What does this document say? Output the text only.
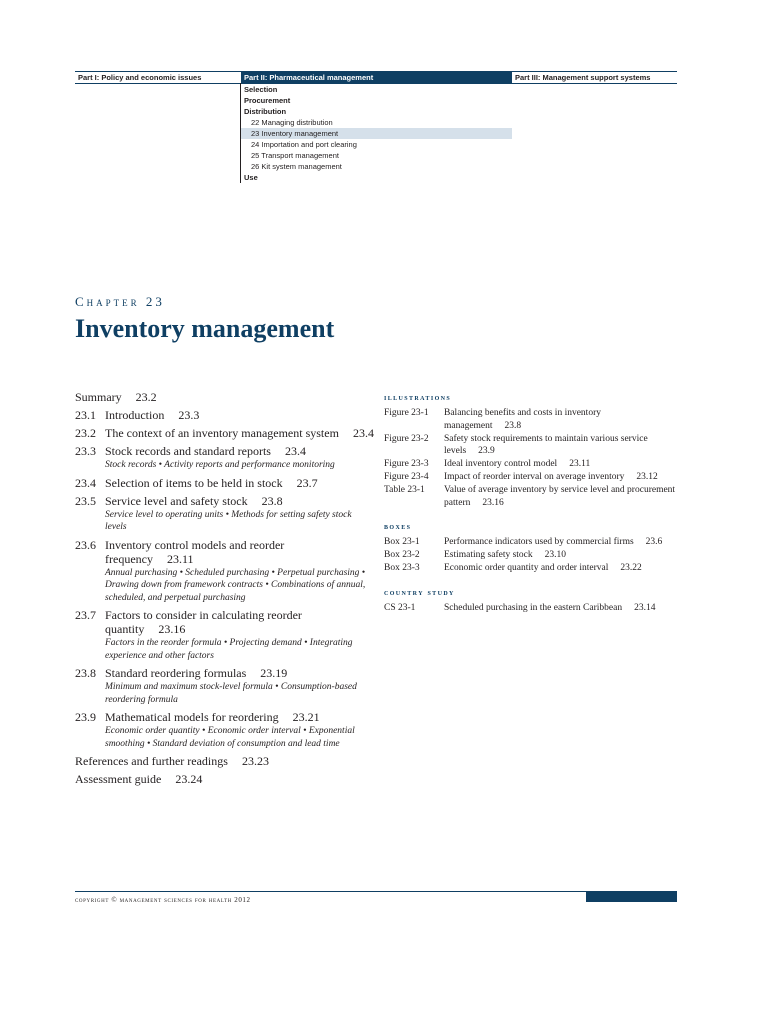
Part I: Policy and economic issues	Part II: Pharmaceutical management	Part III: Management support systems
Selection
Procurement
Distribution
22 Managing distribution
23 Inventory management
24 Importation and port clearing
25 Transport management
26 Kit system management
Use
Chapter 23
Inventory management
Summary 23.2
23.1 Introduction 23.3
23.2 The context of an inventory management system 23.4
23.3 Stock records and standard reports 23.4
Stock records • Activity reports and performance monitoring
23.4 Selection of items to be held in stock 23.7
23.5 Service level and safety stock 23.8
Service level to operating units • Methods for setting safety stock levels
23.6 Inventory control models and reorder frequency 23.11
Annual purchasing • Scheduled purchasing • Perpetual purchasing • Drawing down from framework contracts • Combinations of annual, scheduled, and perpetual purchasing
23.7 Factors to consider in calculating reorder quantity 23.16
Factors in the reorder formula • Projecting demand • Integrating experience and other factors
23.8 Standard reordering formulas 23.19
Minimum and maximum stock-level formula • Consumption-based reordering formula
23.9 Mathematical models for reordering 23.21
Economic order quantity • Economic order interval • Exponential smoothing • Standard deviation of consumption and lead time
References and further readings 23.23
Assessment guide 23.24
illustrations
Figure 23-1	Balancing benefits and costs in inventory management 23.8
Figure 23-2	Safety stock requirements to maintain various service levels 23.9
Figure 23-3	Ideal inventory control model 23.11
Figure 23-4	Impact of reorder interval on average inventory 23.12
Table 23-1	Value of average inventory by service level and procurement pattern 23.16
boxes
Box 23-1	Performance indicators used by commercial firms 23.6
Box 23-2	Estimating safety stock 23.10
Box 23-3	Economic order quantity and order interval 23.22
country study
CS 23-1	Scheduled purchasing in the eastern Caribbean 23.14
copyright © management sciences for health 2012
